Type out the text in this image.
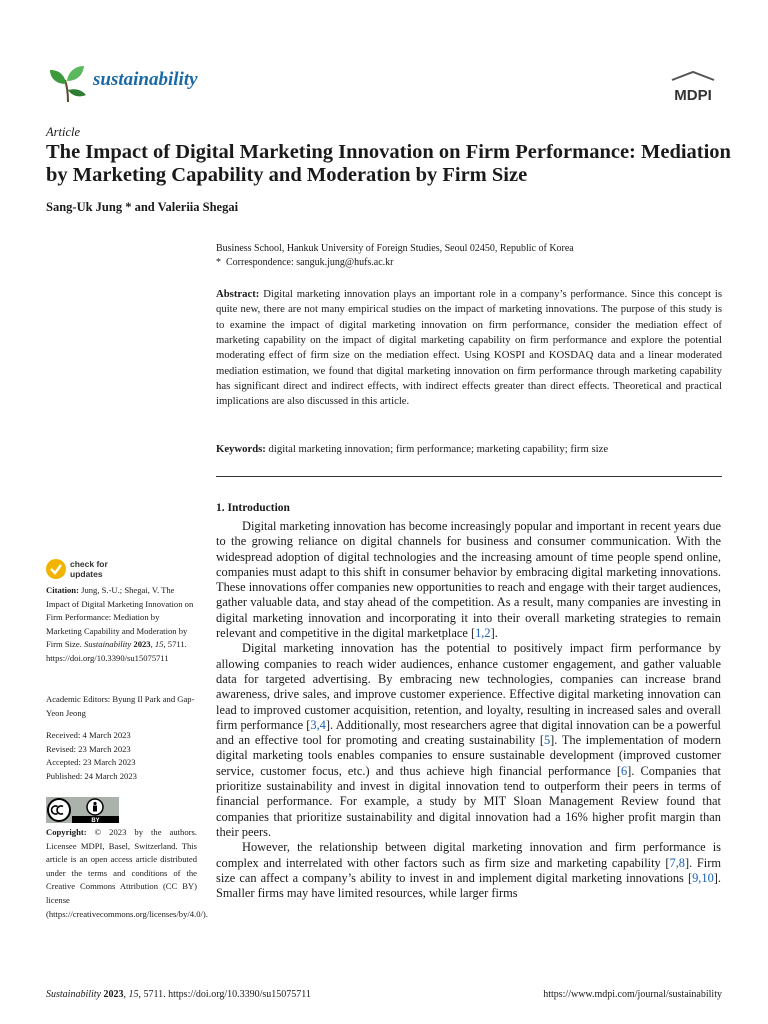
sustainability
MDPI
Article
The Impact of Digital Marketing Innovation on Firm Performance: Mediation by Marketing Capability and Moderation by Firm Size
Sang-Uk Jung * and Valeriia Shegai
Business School, Hankuk University of Foreign Studies, Seoul 02450, Republic of Korea
* Correspondence: sanguk.jung@hufs.ac.kr
Abstract: Digital marketing innovation plays an important role in a company’s performance. Since this concept is quite new, there are not many empirical studies on the impact of marketing innovations. The purpose of this study is to examine the impact of digital marketing innovation on firm performance, consider the mediation effect of marketing capability on the impact of digital marketing capability on firm performance and explore the potential moderating effect of firm size on the mediation effect. Using KOSPI and KOSDAQ data and a linear moderated mediation estimation, we found that digital marketing innovation on firm performance through marketing capability has significant direct and indirect effects, with indirect effects greater than direct effects. Theoretical and practical implications are also discussed in this article.
Keywords: digital marketing innovation; firm performance; marketing capability; firm size
1. Introduction

Digital marketing innovation has become increasingly popular and important in recent years due to the growing reliance on digital channels for business and consumer communication. With the widespread adoption of digital technologies and the increasing amount of time people spend online, companies must adapt to this shift in consumer behavior by embracing digital marketing innovations. These innovations offer companies new opportunities to reach and engage with their target audiences, gather valuable data, and stay ahead of the competition. As a result, many companies are investing in digital marketing innovation and incorporating it into their overall marketing strategies to remain relevant and competitive in the digital marketplace [1,2].

Digital marketing innovation has the potential to positively impact firm performance by allowing companies to reach wider audiences, enhance customer engagement, and gather valuable data for targeted advertising. By embracing new technologies, companies can increase brand awareness, drive sales, and improve customer experience. Effective digital marketing innovation can lead to improved customer acquisition, retention, and loyalty, resulting in increased sales and overall firm performance [3,4]. Additionally, most researchers agree that digital innovation can be a powerful and an effective tool for promoting and creating sustainability [5]. The implementation of modern digital marketing tools enables companies to ensure sustainable development (improved customer service, customer focus, etc.) and thus achieve high financial performance [6]. Companies that prioritize sustainability and invest in digital innovation tend to outperform their peers in terms of financial performance. For example, a study by MIT Sloan Management Review found that companies that prioritize sustainability and digital innovation had a 16% higher profit margin than their peers.

However, the relationship between digital marketing innovation and firm performance is complex and interrelated with other factors such as firm size and marketing capability [7,8]. Firm size can affect a company’s ability to invest in and implement digital marketing innovations [9,10]. Smaller firms may have limited resources, while larger firms

check for
updates
Citation: Jung, S.-U.; Shegai, V. The Impact of Digital Marketing Innovation on Firm Performance: Mediation by Marketing Capability and Moderation by Firm Size. Sustainability 2023, 15, 5711. https://doi.org/10.3390/su15075711
Academic Editors: Byung Il Park and Gap-Yeon Jeong
Received: 4 March 2023
Revised: 23 March 2023
Accepted: 23 March 2023
Published: 24 March 2023
BY
Copyright: © 2023 by the authors. Licensee MDPI, Basel, Switzerland. This article is an open access article distributed under the terms and conditions of the Creative Commons Attribution (CC BY) license (https://creativecommons.org/licenses/by/4.0/).
Sustainability 2023, 15, 5711. https://doi.org/10.3390/su15075711	https://www.mdpi.com/journal/sustainability
